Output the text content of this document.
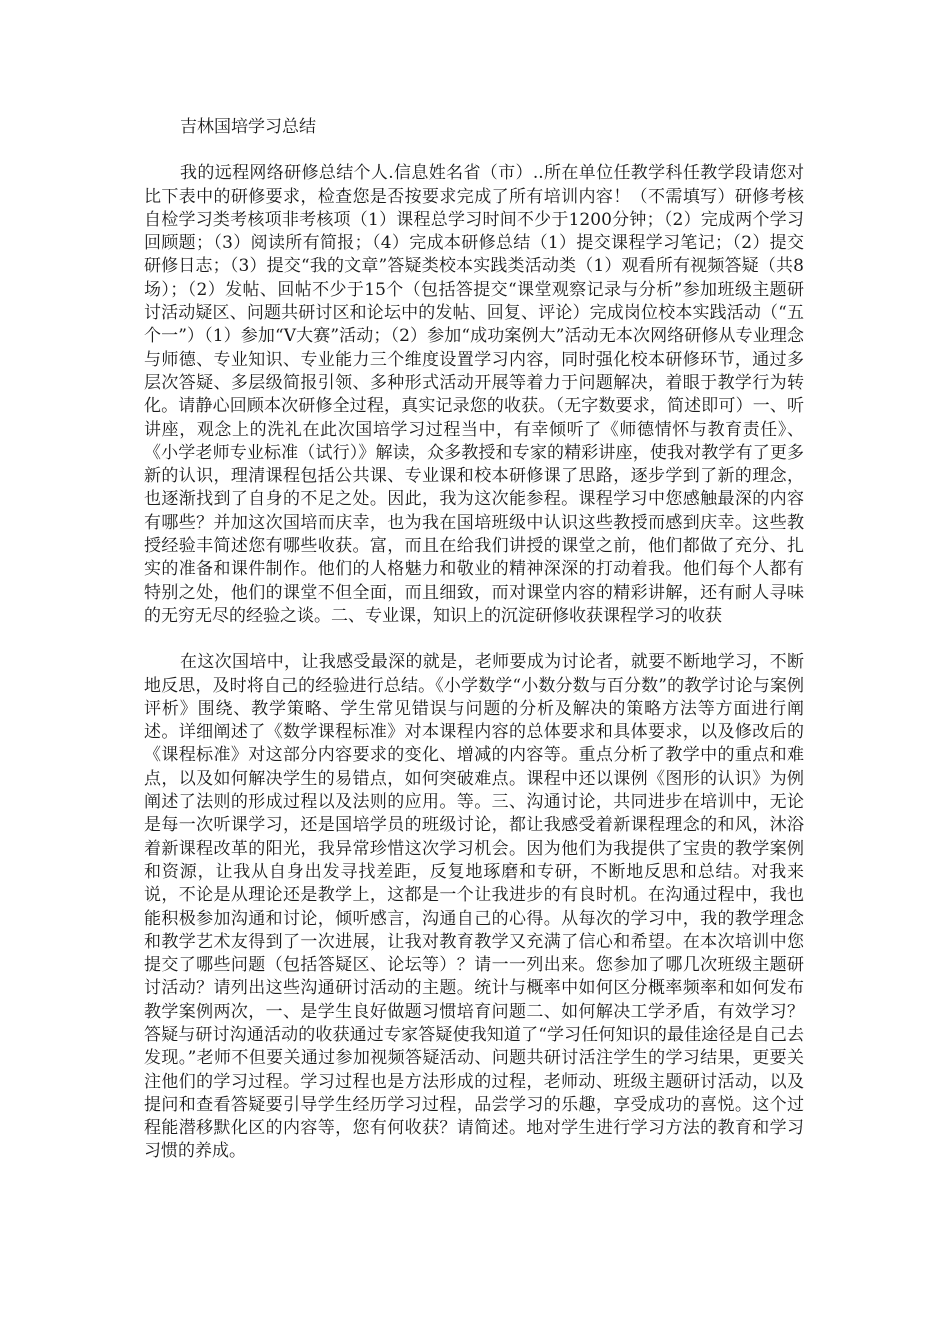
吉林国培学习总结

我的远程网络研修总结个人.信息姓名省（市）..所在单位任教学科任教学段请您对比下表中的研修要求，检查您是否按要求完成了所有培训内容！（不需填写）研修考核自检学习类考核项非考核项（1）课程总学习时间不少于1200分钟；（2）完成两个学习回顾题；（3）阅读所有简报；（4）完成本研修总结（1）提交课程学习笔记；（2）提交研修日志；（3）提交“我的文章”答疑类校本实践类活动类（1）观看所有视频答疑（共8场）；（2）发帖、回帖不少于15个（包括答提交“课堂观察记录与分析”参加班级主题研讨活动疑区、问题共研讨区和论坛中的发帖、回复、评论）完成岗位校本实践活动（“五个一”）（1）参加“V大赛”活动；（2）参加“成功案例大”活动无本次网络研修从专业理念与师德、专业知识、专业能力三个维度设置学习内容，同时强化校本研修环节，通过多层次答疑、多层级简报引领、多种形式活动开展等着力于问题解决，着眼于教学行为转化。请静心回顾本次研修全过程，真实记录您的收获。（无字数要求，简述即可）一、听讲座，观念上的洗礼在此次国培学习过程当中，有幸倾听了《师德情怀与教育责任》、《小学老师专业标准（试行）》解读，众多教授和专家的精彩讲座，使我对教学有了更多新的认识，理清课程包括公共课、专业课和校本研修课了思路，逐步学到了新的理念，也逐渐找到了自身的不足之处。因此，我为这次能参程。课程学习中您感触最深的内容有哪些？并加这次国培而庆幸，也为我在国培班级中认识这些教授而感到庆幸。这些教授经验丰简述您有哪些收获。富，而且在给我们讲授的课堂之前，他们都做了充分、扎实的准备和课件制作。他们的人格魅力和敬业的精神深深的打动着我。他们每个人都有特别之处，他们的课堂不但全面，而且细致，而对课堂内容的精彩讲解，还有耐人寻味的无穷无尽的经验之谈。二、专业课，知识上的沉淀研修收获课程学习的收获

在这次国培中，让我感受最深的就是，老师要成为讨论者，就要不断地学习，不断地反思，及时将自己的经验进行总结。《小学数学“小数分数与百分数”的教学讨论与案例评析》围绕、教学策略、学生常见错误与问题的分析及解决的策略方法等方面进行阐述。详细阐述了《数学课程标准》对本课程内容的总体要求和具体要求，以及修改后的《课程标准》对这部分内容要求的变化、增减的内容等。重点分析了教学中的重点和难点，以及如何解决学生的易错点，如何突破难点。课程中还以课例《图形的认识》为例阐述了法则的形成过程以及法则的应用。等。三、沟通讨论，共同进步在培训中，无论是每一次听课学习，还是国培学员的班级讨论，都让我感受着新课程理念的和风，沐浴着新课程改革的阳光，我异常珍惜这次学习机会。因为他们为我提供了宝贵的教学案例和资源，让我从自身出发寻找差距，反复地琢磨和专研，不断地反思和总结。对我来说，不论是从理论还是教学上，这都是一个让我进步的有良时机。在沟通过程中，我也能积极参加沟通和讨论，倾听感言，沟通自己的心得。从每次的学习中，我的教学理念和教学艺术友得到了一次进展，让我对教育教学又充满了信心和希望。在本次培训中您提交了哪些问题（包括答疑区、论坛等）？请一一列出来。您参加了哪几次班级主题研讨活动？请列出这些沟通研讨活动的主题。统计与概率中如何区分概率频率和如何发布教学案例两次，一、是学生良好做题习惯培育问题二、如何解决工学矛盾，有效学习？答疑与研讨沟通活动的收获通过专家答疑使我知道了“学习任何知识的最佳途径是自己去发现。”老师不但要关通过参加视频答疑活动、问题共研讨活注学生的学习结果，更要关注他们的学习过程。学习过程也是方法形成的过程，老师动、班级主题研讨活动，以及提问和查看答疑要引导学生经历学习过程，品尝学习的乐趣，享受成功的喜悦。这个过程能潜移默化区的内容等，您有何收获？请简述。地对学生进行学习方法的教育和学习习惯的养成。
